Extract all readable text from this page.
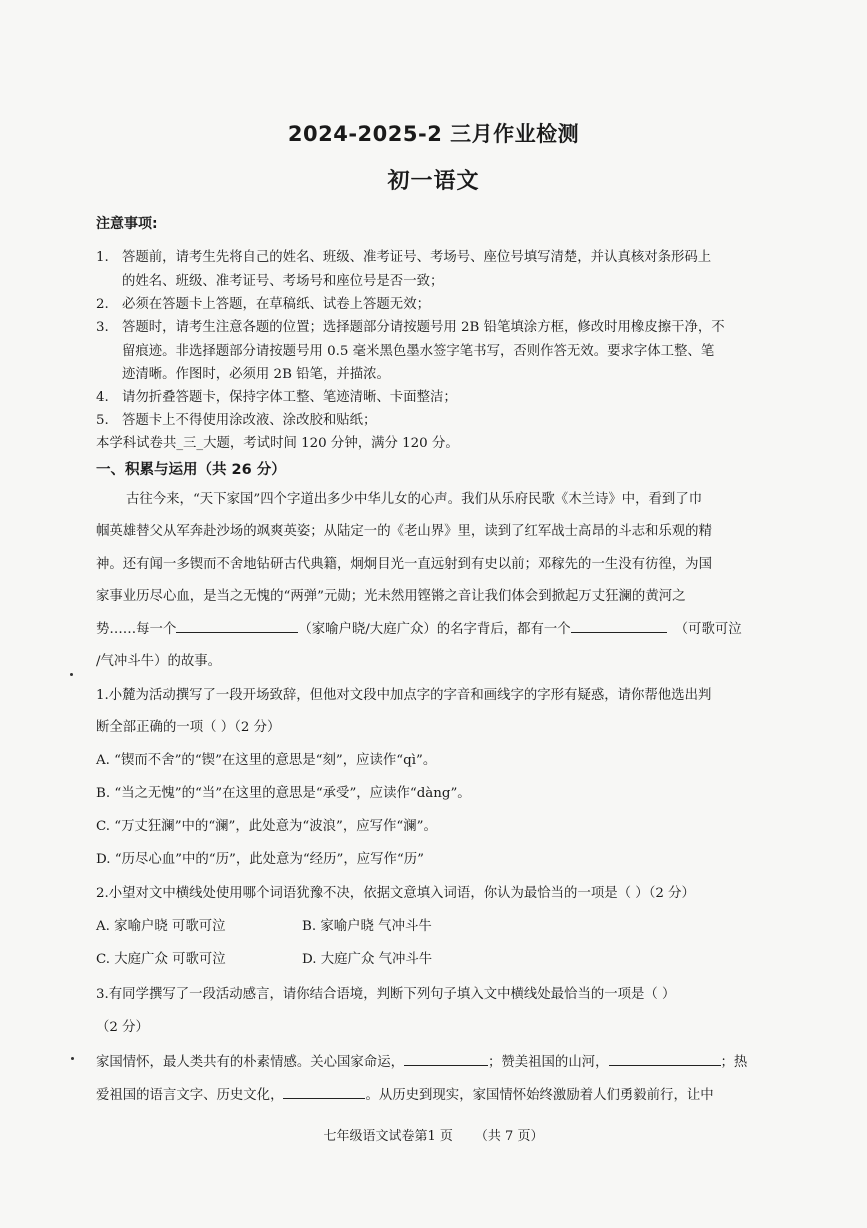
2024-2025-2 三月作业检测
初一语文
注意事项:
1. 答题前，请考生先将自己的姓名、班级、准考证号、考场号、座位号填写清楚，并认真核对条形码上
的姓名、班级、准考证号、考场号和座位号是否一致；
2. 必须在答题卡上答题，在草稿纸、试卷上答题无效；
3. 答题时，请考生注意各题的位置；选择题部分请按题号用 2B 铅笔填涂方框，修改时用橡皮擦干净，不
留痕迹。非选择题部分请按题号用 0.5 毫米黑色墨水签字笔书写，否则作答无效。要求字体工整、笔
迹清晰。作图时，必须用 2B 铅笔，并描浓。
4. 请勿折叠答题卡，保持字体工整、笔迹清晰、卡面整洁；
5. 答题卡上不得使用涂改液、涂改胶和贴纸；
本学科试卷共_三_大题，考试时间 120 分钟，满分 120 分。
一、积累与运用（共 26 分）
古往今来，“天下家国”四个字道出多少中华儿女的心声。我们从乐府民歌《木兰诗》中，看到了巾
帼英雄替父从军奔赴沙场的飒爽英姿；从陆定一的《老山界》里，读到了红军战士高昂的斗志和乐观的精
神。还有闻一多锲而不舍地钻研古代典籍，炯炯目光一直远射到有史以前；邓稼先的一生没有彷徨，为国
家事业历尽心血，是当之无愧的“两弹”元勋；光未然用铿锵之音让我们体会到掀起万丈狂澜的黄河之
势……每一个	（家喻户晓/大庭广众）的名字背后，都有一个	（可歌可泣
/气冲斗牛）的故事。
1.小麓为活动撰写了一段开场致辞，但他对文段中加点字的字音和画线字的字形有疑惑，请你帮他选出判
断全部正确的一项（ ）（2 分）
A. “锲而不舍”的“锲”在这里的意思是“刻”，应读作“qì”。
B. “当之无愧”的“当”在这里的意思是“承受”，应读作“dàng”。
C. “万丈狂澜”中的“澜”，此处意为“波浪”，应写作“澜”。
D. “历尽心血”中的“历”，此处意为“经历”，应写作“历”
2.小望对文中横线处使用哪个词语犹豫不决，依据文意填入词语，你认为最恰当的一项是（ ）（2 分）
A. 家喻户晓 可歌可泣	B. 家喻户晓 气冲斗牛
C. 大庭广众 可歌可泣	D. 大庭广众 气冲斗牛
3.有同学撰写了一段活动感言，请你结合语境，判断下列句子填入文中横线处最恰当的一项是（ ）
（2 分）
家国情怀，最人类共有的朴素情感。关心国家命运，	；赞美祖国的山河，	；热
爱祖国的语言文字、历史文化，	。从历史到现实，家国情怀始终激励着人们勇毅前行，让中
七年级语文试卷第1 页 （共 7 页）
